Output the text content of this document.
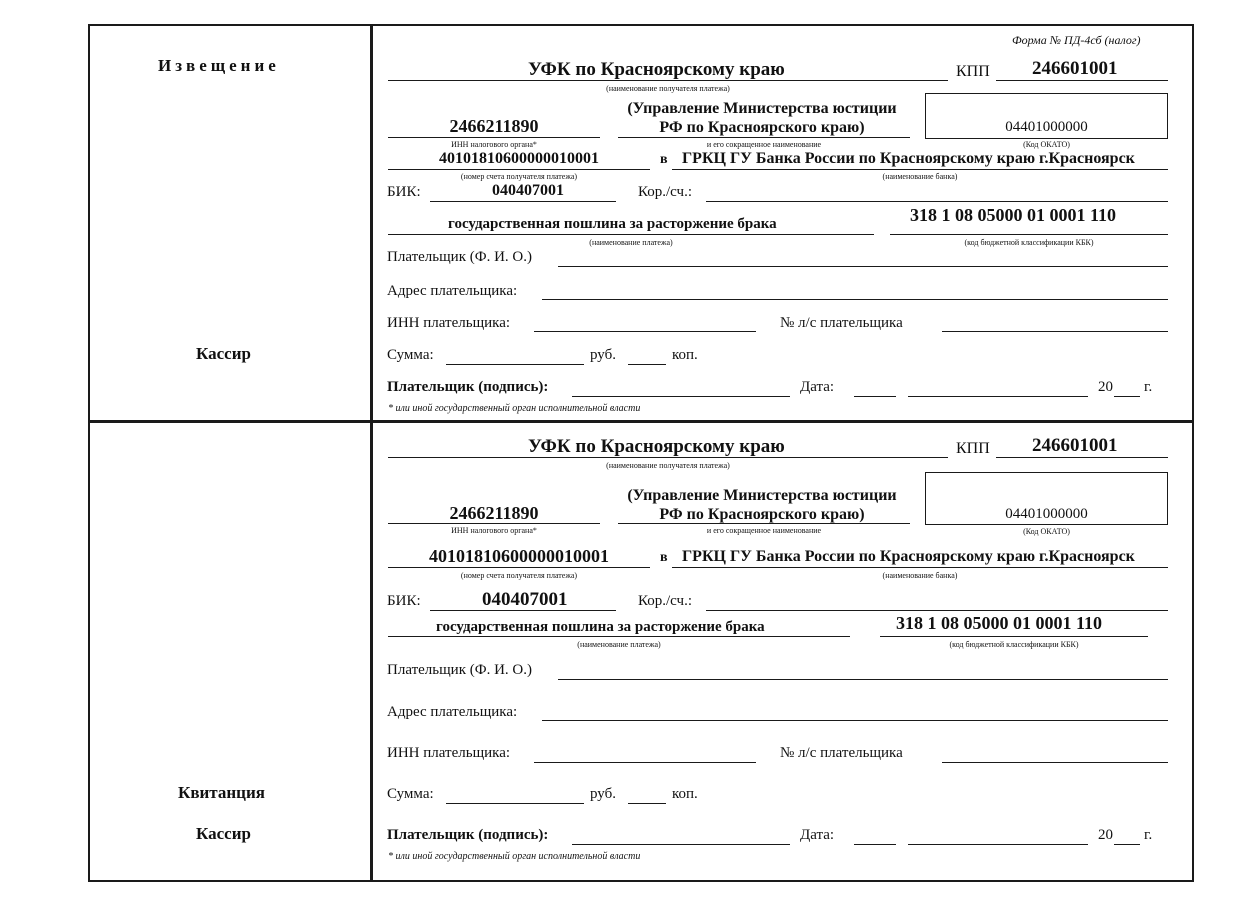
Извещение
Кассир
Квитанция
Кассир
Форма № ПД-4сб (налог)
УФК по Красноярскому краю
(наименование получателя платежа)
КПП 246601001
2466211890
ИНН налогового органа*
(Управление Министерства юстиции
РФ по Красноярского краю)
и его сокращенное наименование
04401000000
(Код ОКАТО)
40101810600000010001
(номер счета получателя платежа)
в ГРКЦ ГУ Банка России по Красноярскому краю г.Красноярск
(наименование банка)
БИК:	040407001	Кор./сч.:
государственная пошлина за расторжение брака
(наименование платежа)
318 1 08 05000 01 0001 110
(код бюджетной классификации КБК)
Плательщик (Ф. И. О.)
Адрес плательщика:
ИНН плательщика:	№ л/с плательщика
Сумма:	руб.	коп.
Плательщик (подпись):	Дата:	20 г.
* или иной государственный орган исполнительной власти
УФК по Красноярскому краю
(наименование получателя платежа)
КПП 246601001
2466211890
ИНН налогового органа*
(Управление Министерства юстиции
РФ по Красноярского краю)
и его сокращенное наименование
04401000000
(Код ОКАТО)
40101810600000010001
(номер счета получателя платежа)
в ГРКЦ ГУ Банка России по Красноярскому краю г.Красноярск
(наименование банка)
БИК:	040407001	Кор./сч.:
государственная пошлина за расторжение брака
(наименование платежа)
318 1 08 05000 01 0001 110
(код бюджетной классификации КБК)
Плательщик (Ф. И. О.)
Адрес плательщика:
ИНН плательщика:	№ л/с плательщика
Сумма:	руб.	коп.
Плательщик (подпись):	Дата:	20 г.
* или иной государственный орган исполнительной власти
